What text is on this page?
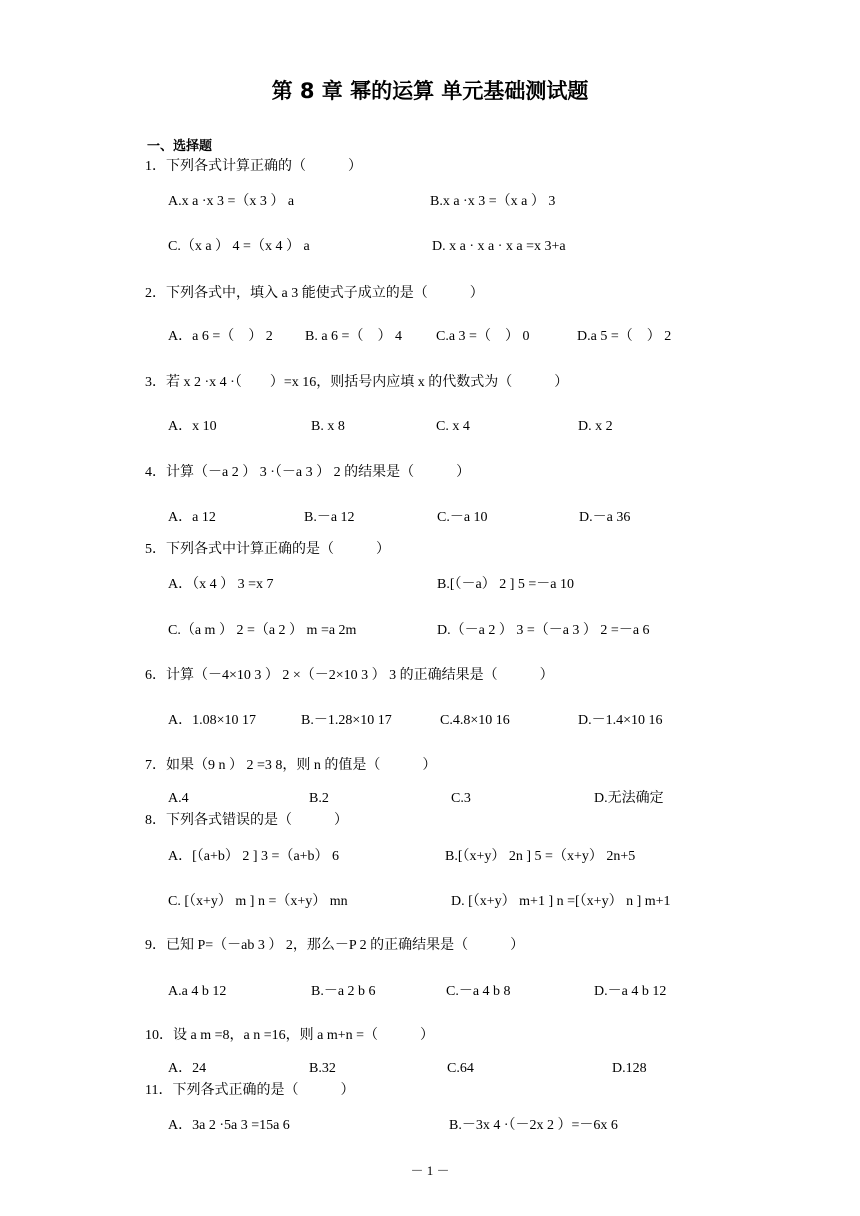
第 8 章 幂的运算 单元基础测试题
一、选择题
1．下列各式计算正确的（　　　）
A.x a ·x 3 =（x 3 ） a	B.x a ·x 3 =（x a ） 3
C.（x a ） 4 =（x 4 ） a	D. x a · x a · x a =x 3+a
2．下列各式中，填入 a 3 能使式子成立的是（　　　）
A．a 6 =（　） 2 B. a 6 =（　） 4 C.a 3 =（　） 0	D.a 5 =（　） 2
3．若 x 2 ·x 4 ·（　　）=x 16，则括号内应填 x 的代数式为（　　　）
A．x 10	B. x 8	C. x 4	D. x 2
4．计算（－a 2 ） 3 ·（－a 3 ） 2 的结果是（　　　）
A．a 12	B.－a 12	C.－a 10	D.－a 36
5．下列各式中计算正确的是（　　　）
A．（x 4 ） 3 =x 7	B.[（－a） 2 ] 5 =－a 10
C.（a m ） 2 =（a 2 ） m =a 2m	D.（－a 2 ） 3 =（－a 3 ） 2 =－a 6
6．计算（－4×10 3 ） 2 ×（－2×10 3 ） 3 的正确结果是（　　　）
A．1.08×10 17	B.－1.28×10 17	C.4.8×10 16	D.－1.4×10 16
7．如果（9 n ） 2 =3 8，则 n 的值是（　　　）
A.4	B.2	C.3	D.无法确定
8．下列各式错误的是（　　　）
A．[（a+b） 2 ] 3 =（a+b） 6	B.[（x+y） 2n ] 5 =（x+y） 2n+5
C. [（x+y） m ] n =（x+y） mn	D. [（x+y） m+1 ] n =[（x+y） n ] m+1
9．已知 P=（－ab 3 ） 2，那么－P 2 的正确结果是（　　　）
A.a 4 b 12	B.－a 2 b 6	C.－a 4 b 8	D.－a 4 b 12
10．设 a m =8，a n =16，则 a m+n =（　　　）
A．24	B.32	C.64	D.128
11．下列各式正确的是（　　　）
A．3a 2 ·5a 3 =15a 6	B.－3x 4 ·（－2x 2 ）=－6x 6
－ 1 －
